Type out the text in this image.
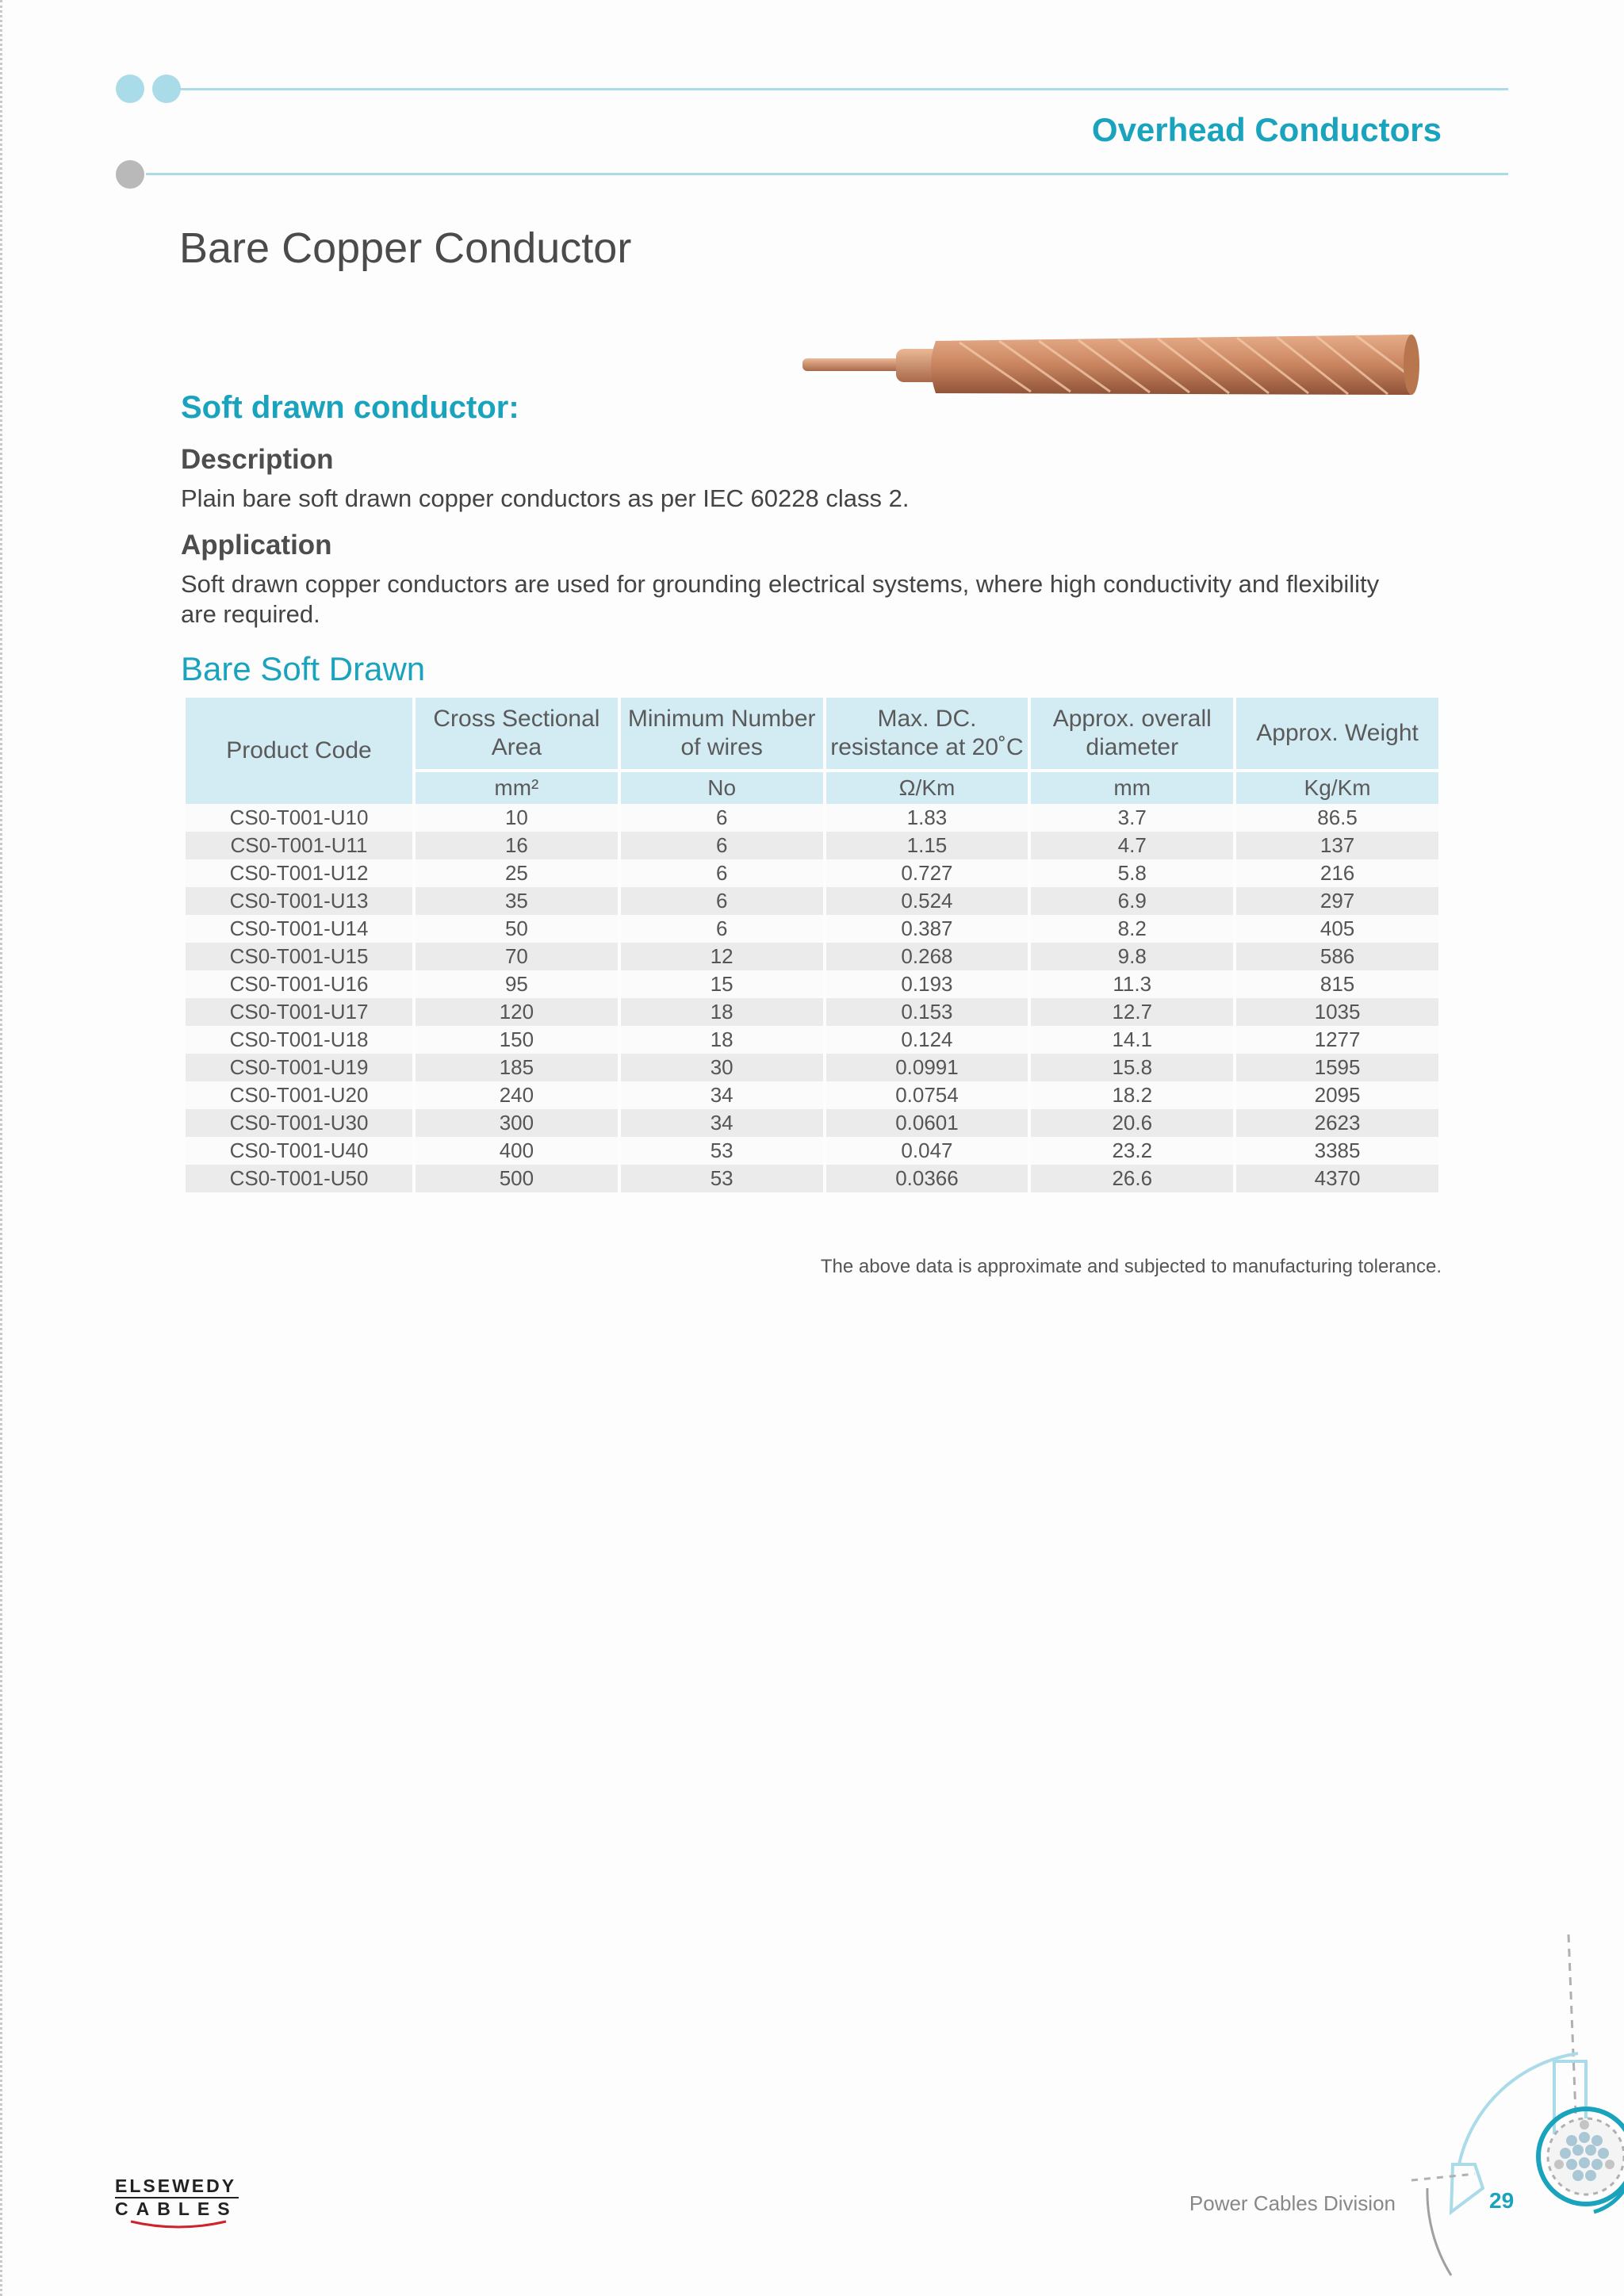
Overhead Conductors
Bare Copper Conductor
Soft drawn conductor:
Description
Plain bare soft drawn copper conductors as per IEC 60228 class 2.
Application
Soft drawn copper conductors are used for grounding electrical systems, where high conductivity and flexibility are required.
Bare Soft Drawn
Product Code	Cross Sectional Area	Minimum Number of wires	Max. DC. resistance at 20˚C	Approx. overall diameter	Approx. Weight
	mm²	No	Ω/Km	mm	Kg/Km
CS0-T001-U10	10	6	1.83	3.7	86.5
CS0-T001-U11	16	6	1.15	4.7	137
CS0-T001-U12	25	6	0.727	5.8	216
CS0-T001-U13	35	6	0.524	6.9	297
CS0-T001-U14	50	6	0.387	8.2	405
CS0-T001-U15	70	12	0.268	9.8	586
CS0-T001-U16	95	15	0.193	11.3	815
CS0-T001-U17	120	18	0.153	12.7	1035
CS0-T001-U18	150	18	0.124	14.1	1277
CS0-T001-U19	185	30	0.0991	15.8	1595
CS0-T001-U20	240	34	0.0754	18.2	2095
CS0-T001-U30	300	34	0.0601	20.6	2623
CS0-T001-U40	400	53	0.047	23.2	3385
CS0-T001-U50	500	53	0.0366	26.6	4370
The above data is approximate and subjected to manufacturing tolerance.
ELSEWEDY
CABLES	Power Cables Division	29
